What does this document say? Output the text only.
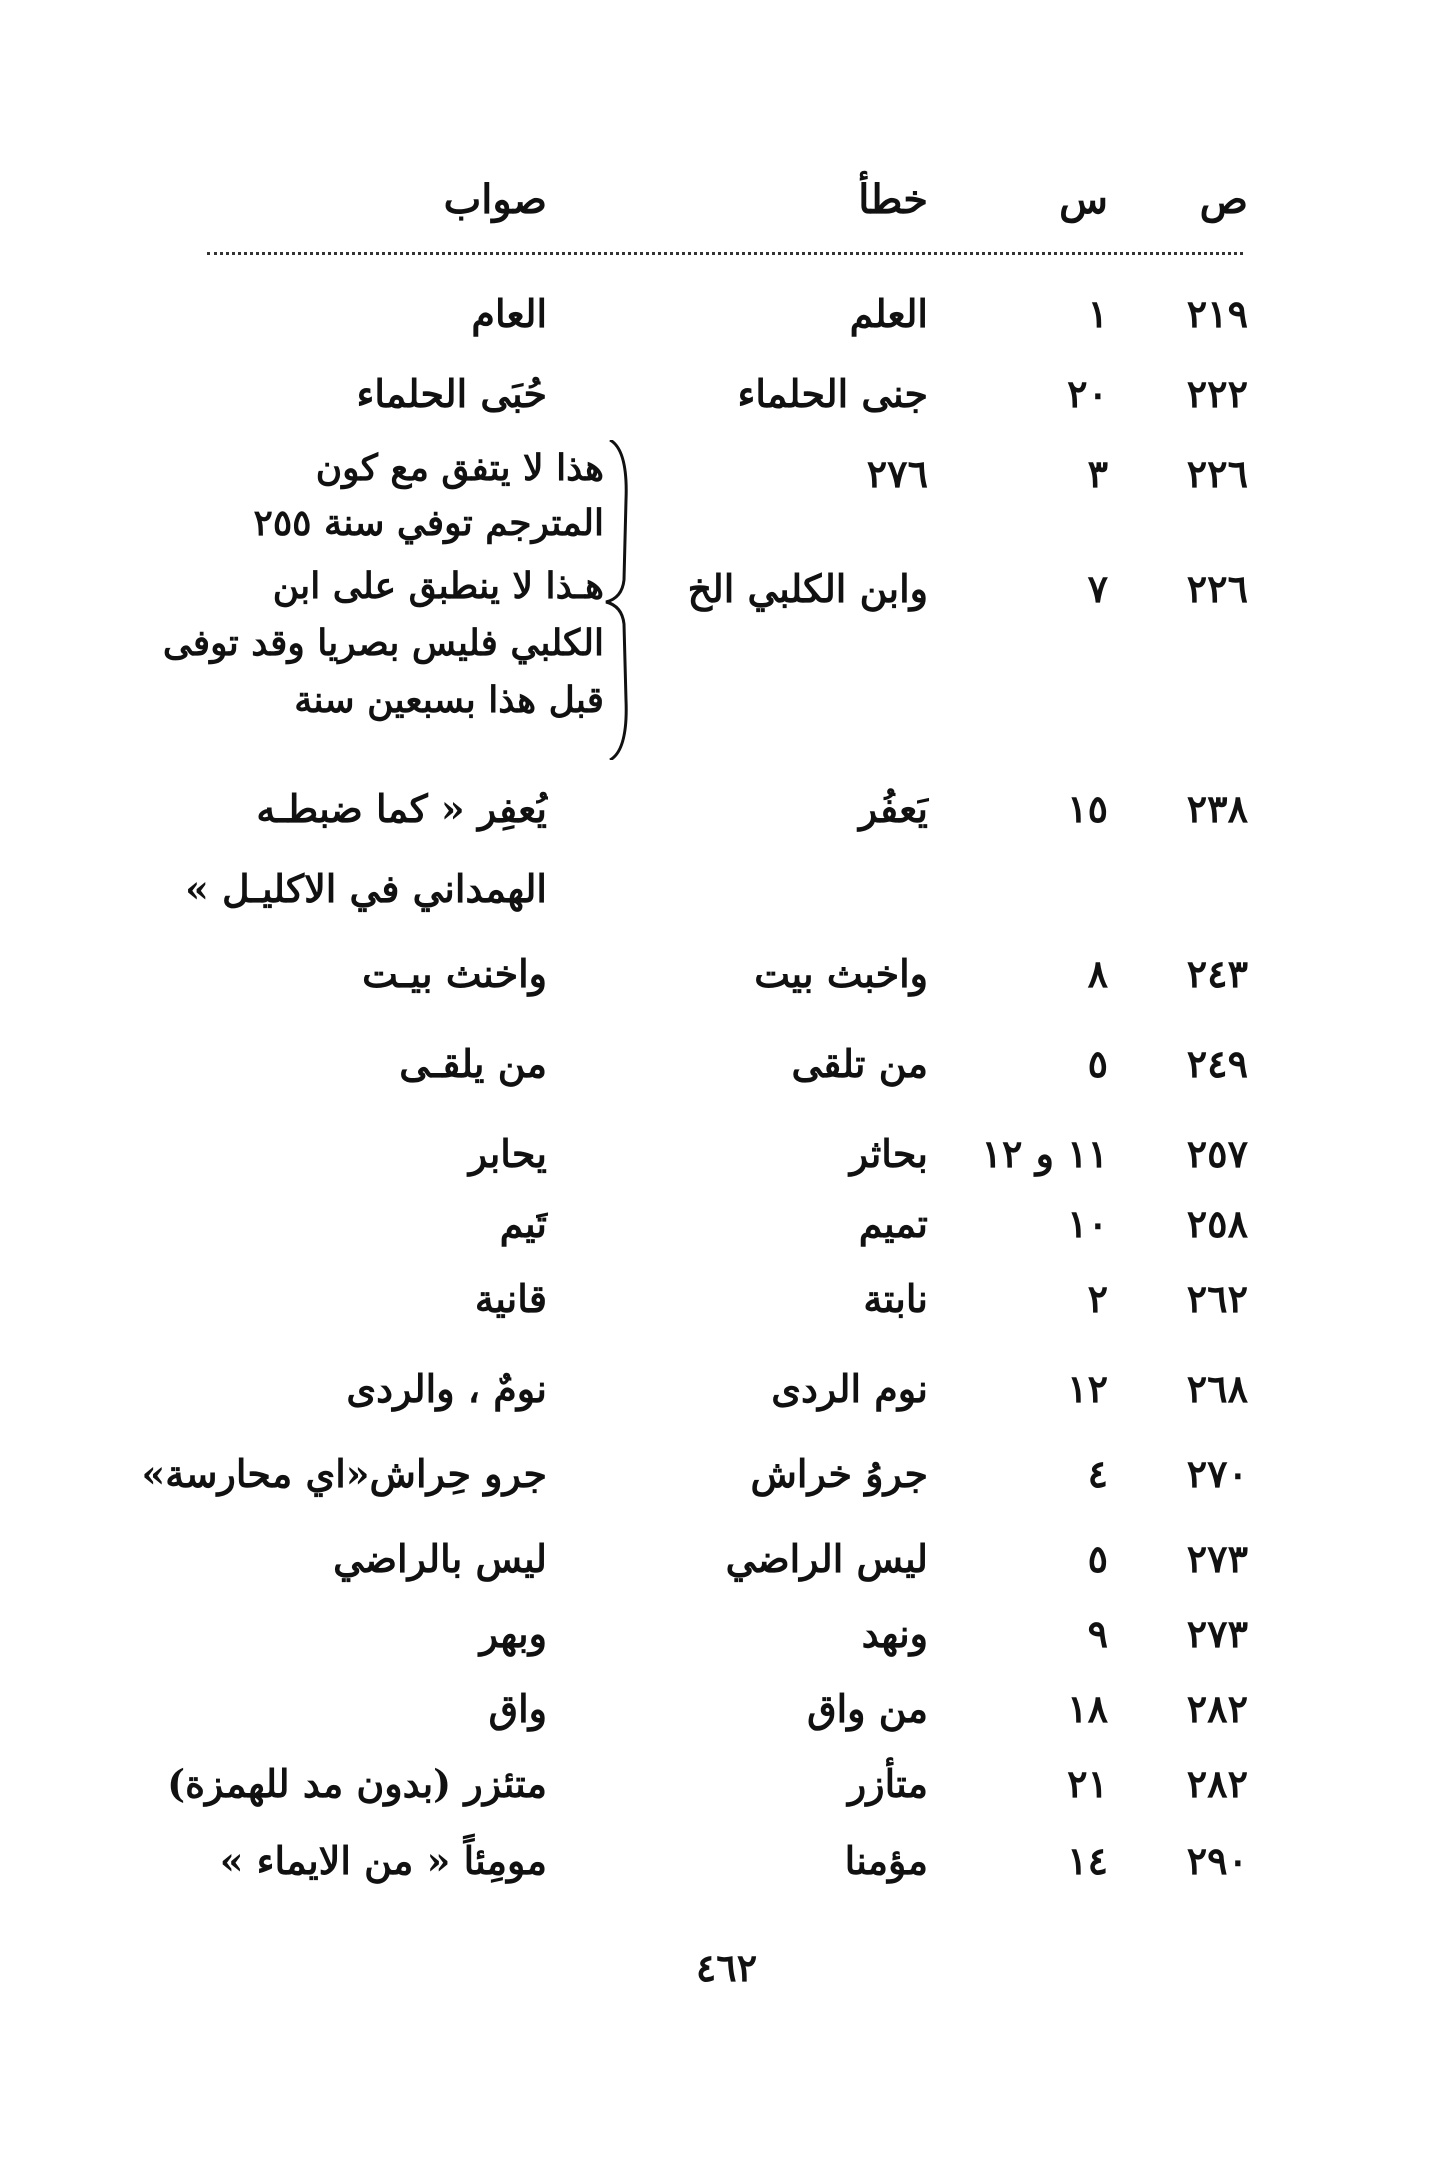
ص
س
خطأ
صواب
٢١٩
١
العلم
العام
٢٢٢
٢٠
جنى الحلماء
حُبَى الحلماء
٢٢٦
٣
٢٧٦
هذا لا يتفق مع كون
المترجم توفي سنة ٢٥٥
٢٢٦
٧
وابن الكلبي الخ
هـذا لا ينطبق على ابن
الكلبي فليس بصريا وقد توفى
قبل هذا بسبعين سنة
٢٣٨
١٥
يَعفُر
يُعفِر « كما ضبطـه
الهمداني في الاكليـل »
٢٤٣
٨
واخبث بيت
واخنث بيـت
٢٤٩
٥
من تلقى
من يلقـى
٢٥٧
١١ و ١٢
بحاثر
يحابر
٢٥٨
١٠
تميم
تَيم
٢٦٢
٢
نابتة
قانية
٢٦٨
١٢
نوم الردى
نومٌ ، والردى
٢٧٠
٤
جروُ خراش
جرو حِراش«اي محارسة»
٢٧٣
٥
ليس الراضي
ليس بالراضي
٢٧٣
٩
ونهد
وبهر
٢٨٢
١٨
من واق
واق
٢٨٢
٢١
متأزر
متئزر (بدون مد للهمزة)
٢٩٠
١٤
مؤمنا
مومِئاً « من الايماء »
٤٦٢
